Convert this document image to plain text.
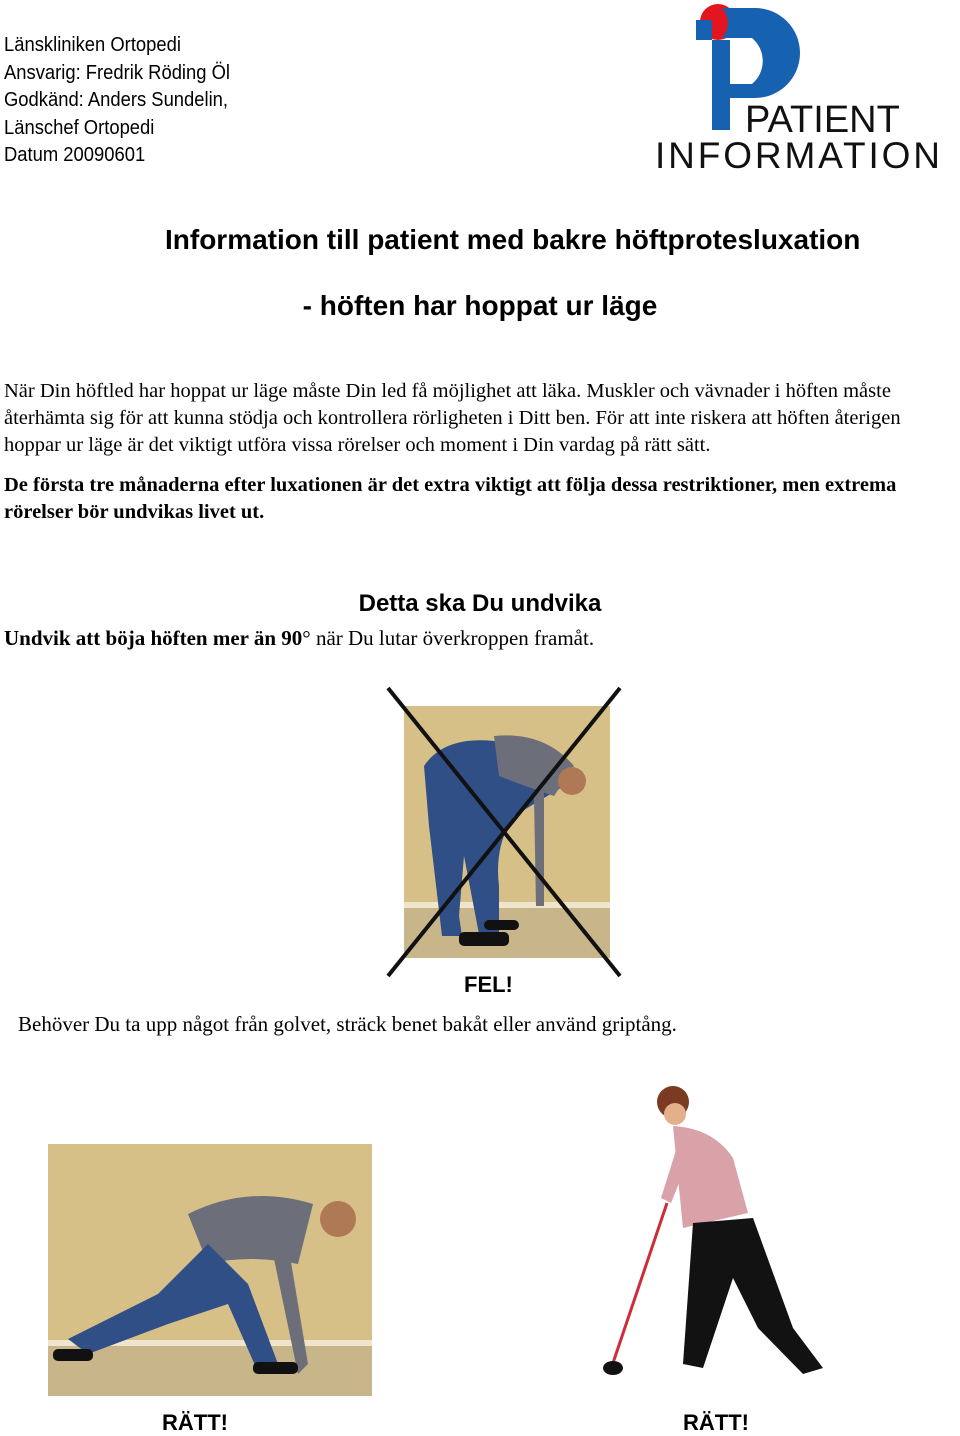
Länskliniken Ortopedi
Ansvarig: Fredrik Röding Öl
Godkänd: Anders Sundelin,
Länschef Ortopedi
Datum 20090601
PATIENT
INFORMATION
Information till patient med bakre höftprotesluxation
- höften har hoppat ur läge
När Din höftled har hoppat ur läge måste Din led få möjlighet att läka. Muskler och vävnader i höften måste återhämta sig för att kunna stödja och kontrollera rörligheten i Ditt ben. För att inte riskera att höften återigen hoppar ur läge är det viktigt utföra vissa rörelser och moment i Din vardag på rätt sätt.
De första tre månaderna efter luxationen är det extra viktigt att följa dessa restriktioner, men extrema rörelser bör undvikas livet ut.
Detta ska Du undvika
Undvik att böja höften mer än 90° när Du lutar överkroppen framåt.
FEL!
Behöver Du ta upp något från golvet, sträck benet bakåt eller använd griptång.
RÄTT!	RÄTT!
